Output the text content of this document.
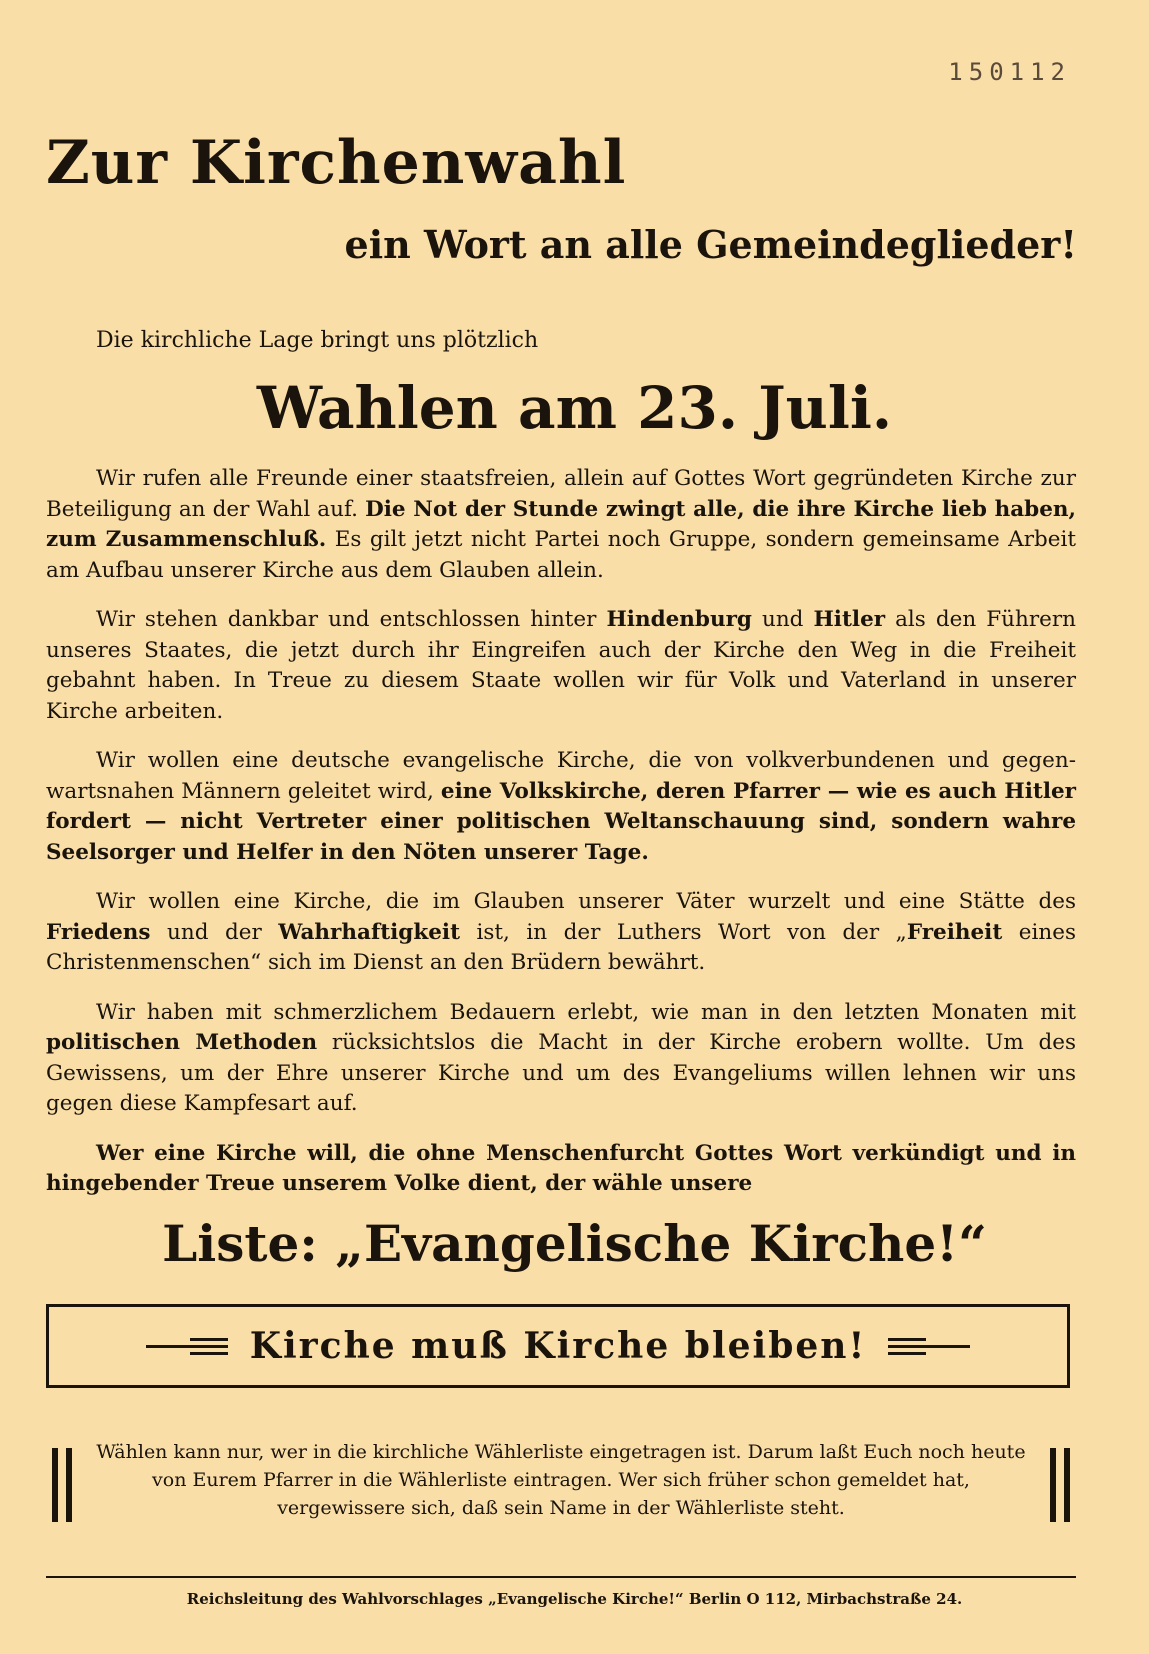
150112
Zur Kirchenwahl
ein Wort an alle Gemeindeglieder!
Die kirchliche Lage bringt uns plötzlich
Wahlen am 23. Juli.

Wir rufen alle Freunde einer staatsfreien, allein auf Gottes Wort gegründeten Kirche zur Beteiligung an der Wahl auf. Die Not der Stunde zwingt alle, die ihre Kirche lieb haben, zum Zusammenschluß. Es gilt jetzt nicht Partei noch Gruppe, sondern gemeinsame Arbeit am Aufbau unserer Kirche aus dem Glauben allein.

Wir stehen dankbar und entschlossen hinter Hindenburg und Hitler als den Führern unseres Staates, die jetzt durch ihr Eingreifen auch der Kirche den Weg in die Freiheit gebahnt haben. In Treue zu diesem Staate wollen wir für Volk und Vaterland in unserer Kirche arbeiten.

Wir wollen eine deutsche evangelische Kirche, die von volkverbundenen und gegenwartsnahen Männern geleitet wird, eine Volkskirche, deren Pfarrer — wie es auch Hitler fordert — nicht Vertreter einer politischen Weltanschauung sind, sondern wahre Seelsorger und Helfer in den Nöten unserer Tage.

Wir wollen eine Kirche, die im Glauben unserer Väter wurzelt und eine Stätte des Friedens und der Wahrhaftigkeit ist, in der Luthers Wort von der „Freiheit eines Christenmenschen“ sich im Dienst an den Brüdern bewährt.

Wir haben mit schmerzlichem Bedauern erlebt, wie man in den letzten Monaten mit politischen Methoden rücksichtslos die Macht in der Kirche erobern wollte. Um des Gewissens, um der Ehre unserer Kirche und um des Evangeliums willen lehnen wir uns gegen diese Kampfesart auf.

Wer eine Kirche will, die ohne Menschenfurcht Gottes Wort verkündigt und in hingebender Treue unserem Volke dient, der wähle unsere

Liste: „Evangelische Kirche!“
Kirche muß Kirche bleiben!
Wählen kann nur, wer in die kirchliche Wählerliste eingetragen ist. Darum laßt Euch noch heute von Eurem Pfarrer in die Wählerliste eintragen. Wer sich früher schon gemeldet hat, vergewissere sich, daß sein Name in der Wählerliste steht.
Reichsleitung des Wahlvorschlages „Evangelische Kirche!“ Berlin O 112, Mirbachstraße 24.
